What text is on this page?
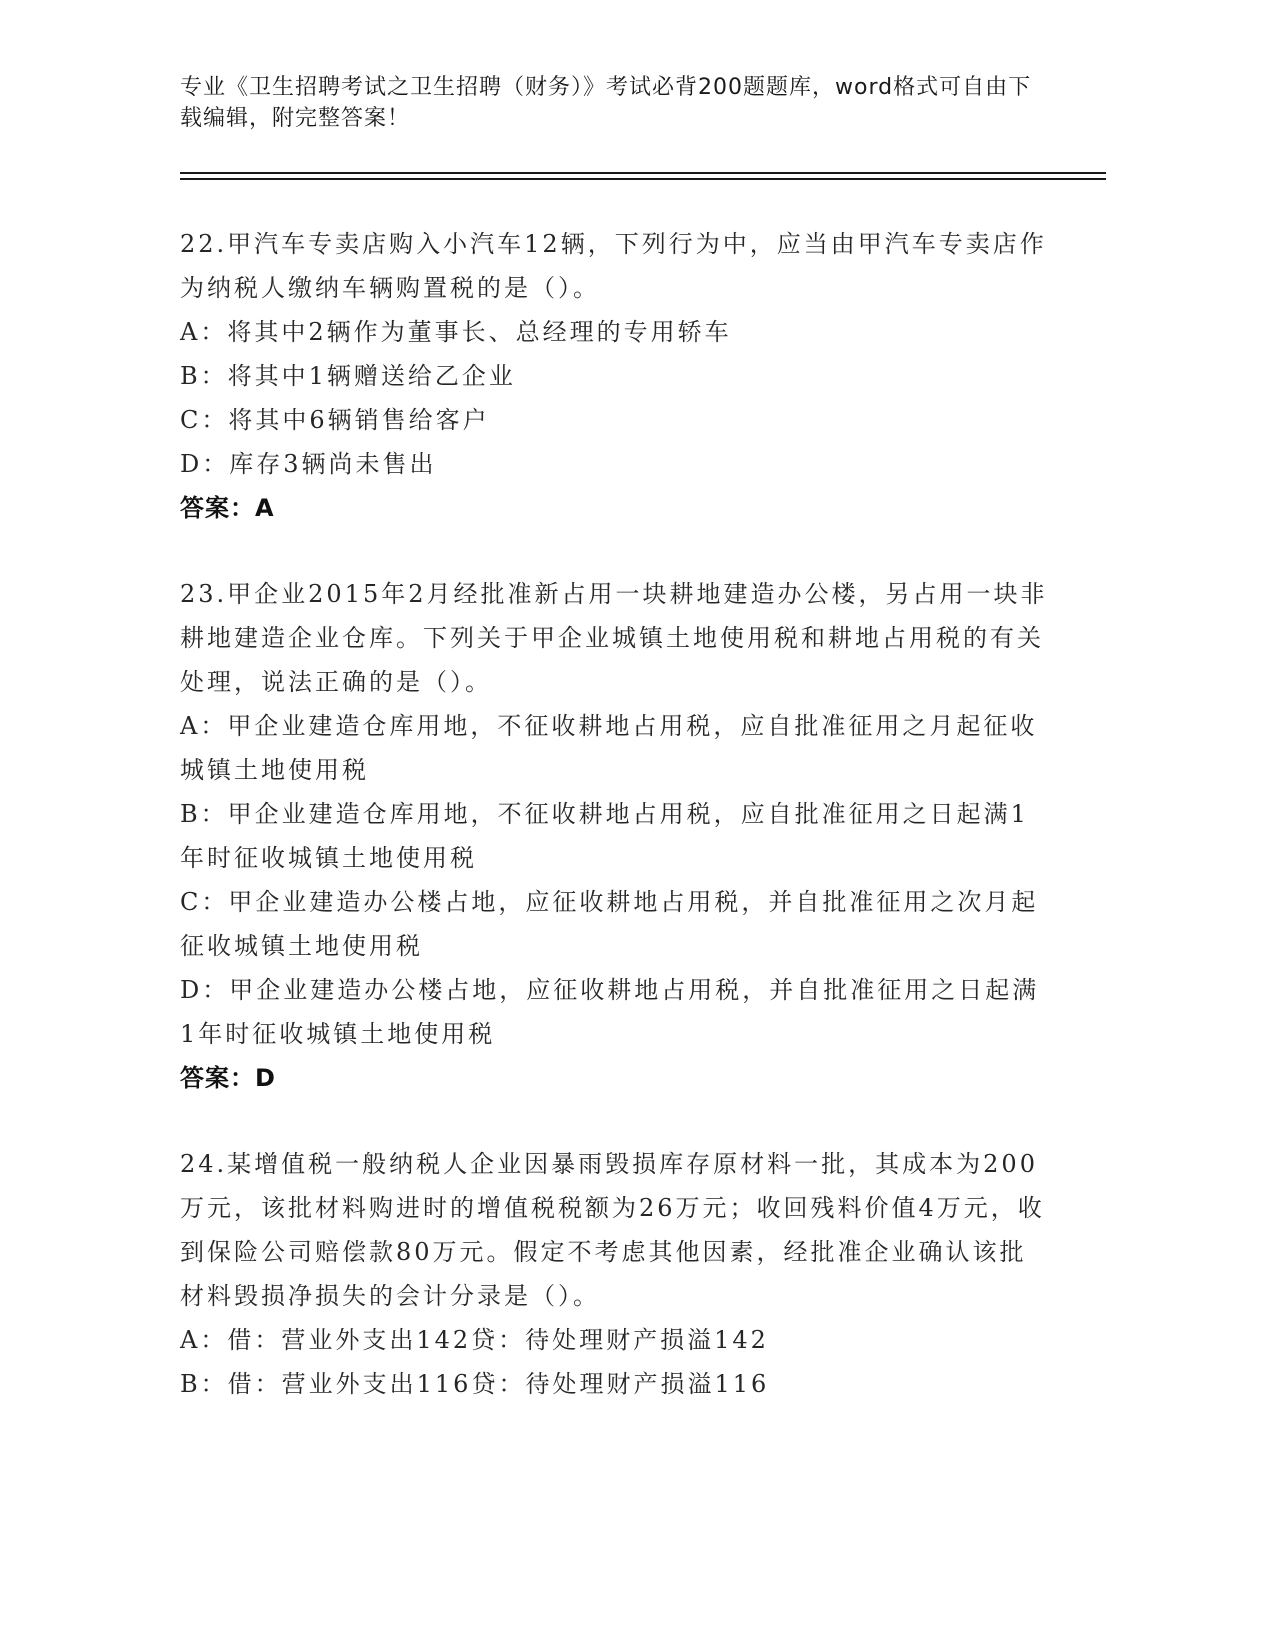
专业《卫生招聘考试之卫生招聘（财务）》考试必背200题题库，word格式可自由下载编辑，附完整答案！
22.甲汽车专卖店购入小汽车12辆，下列行为中，应当由甲汽车专卖店作为纳税人缴纳车辆购置税的是（）。
A：将其中2辆作为董事长、总经理的专用轿车
B：将其中1辆赠送给乙企业
C：将其中6辆销售给客户
D：库存3辆尚未售出
答案：A
23.甲企业2015年2月经批准新占用一块耕地建造办公楼，另占用一块非耕地建造企业仓库。下列关于甲企业城镇土地使用税和耕地占用税的有关处理，说法正确的是（）。
A：甲企业建造仓库用地，不征收耕地占用税，应自批准征用之月起征收城镇土地使用税
B：甲企业建造仓库用地，不征收耕地占用税，应自批准征用之日起满1年时征收城镇土地使用税
C：甲企业建造办公楼占地，应征收耕地占用税，并自批准征用之次月起征收城镇土地使用税
D：甲企业建造办公楼占地，应征收耕地占用税，并自批准征用之日起满1年时征收城镇土地使用税
答案：D
24.某增值税一般纳税人企业因暴雨毁损库存原材料一批，其成本为200万元，该批材料购进时的增值税税额为26万元；收回残料价值4万元，收到保险公司赔偿款80万元。假定不考虑其他因素，经批准企业确认该批材料毁损净损失的会计分录是（）。
A：借：营业外支出142贷：待处理财产损溢142
B：借：营业外支出116贷：待处理财产损溢116
